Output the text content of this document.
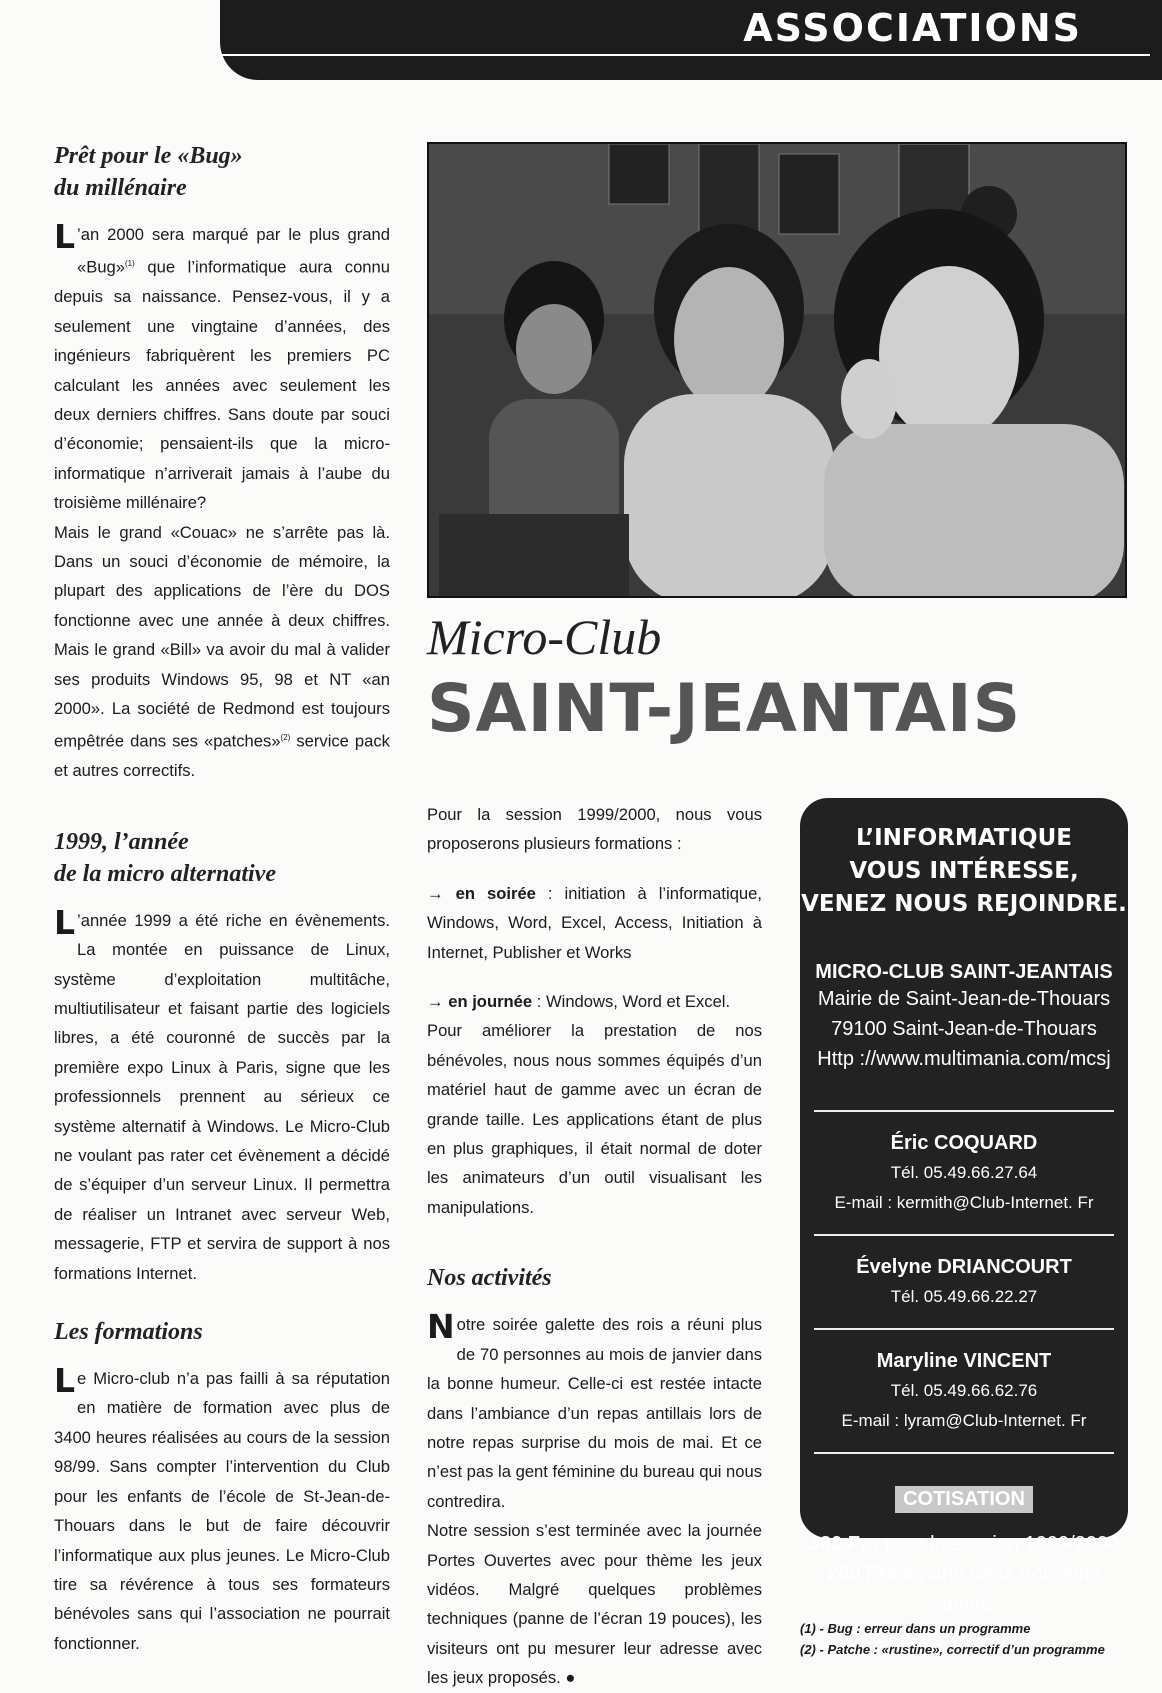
ASSOCIATIONS
Prêt pour le «Bug»
du millénaire

L ’an 2000 sera marqué par le plus grand «Bug»$^{(1)}$ que l’informatique aura connu depuis sa naissance. Pensez-vous, il y a seulement une vingtaine d’années, des ingénieurs fabriquèrent les premiers PC calculant les années avec seulement les deux derniers chiffres. Sans doute par souci d’économie; pensaient-ils que la micro-informatique n’arriverait jamais à l’aube du troisième millénaire?

Mais le grand «Couac» ne s’arrête pas là. Dans un souci d’économie de mémoire, la plupart des applications de l’ère du DOS fonctionne avec une année à deux chiffres. Mais le grand «Bill» va avoir du mal à valider ses produits Windows 95, 98 et NT «an 2000». La société de Redmond est toujours empêtrée dans ses «patches»$^{(2)}$ service pack et autres correctifs.

1999, l’année
de la micro alternative

L ’année 1999 a été riche en évènements. La montée en puissance de Linux, système d’exploitation multitâche, multiutilisateur et faisant partie des logiciels libres, a été couronné de succès par la première expo Linux à Paris, signe que les professionnels prennent au sérieux ce système alternatif à Windows. Le Micro-Club ne voulant pas rater cet évènement a décidé de s’équiper d’un serveur Linux. Il permettra de réaliser un Intranet avec serveur Web, messagerie, FTP et servira de support à nos formations Internet.

Les formations

Le Micro-club n’a pas failli à sa réputation en matière de formation avec plus de 3400 heures réalisées au cours de la session 98/99. Sans compter l’intervention du Club pour les enfants de l’école de St-Jean-de-Thouars dans le but de faire découvrir l’informatique aux plus jeunes. Le Micro-Club tire sa révérence à tous ses formateurs bénévoles sans qui l’association ne pourrait fonctionner.

Micro-Club
SAINT-JEANTAIS

Pour la session 1999/2000, nous vous proposerons plusieurs formations :

→ en soirée : initiation à l’informatique, Windows, Word, Excel, Access, Initiation à Internet, Publisher et Works

→ en journée : Windows, Word et Excel.

Pour améliorer la prestation de nos bénévoles, nous nous sommes équipés d’un matériel haut de gamme avec un écran de grande taille. Les applications étant de plus en plus graphiques, il était normal de doter les animateurs d’un outil visualisant les manipulations.

Nos activités

Notre soirée galette des rois a réuni plus de 70 personnes au mois de janvier dans la bonne humeur. Celle-ci est restée intacte dans l’ambiance d’un repas antillais lors de notre repas surprise du mois de mai. Et ce n’est pas la gent féminine du bureau qui nous contredira.

Notre session s’est terminée avec la journée Portes Ouvertes avec pour thème les jeux vidéos. Malgré quelques problèmes techniques (panne de l’écran 19 pouces), les visiteurs ont pu mesurer leur adresse avec les jeux proposés. ●

L’INFORMATIQUE
VOUS INTÉRESSE,
VENEZ NOUS REJOINDRE.
MICRO-CLUB SAINT-JEANTAIS
Mairie de Saint-Jean-de-Thouars
79100 Saint-Jean-de-Thouars
Http ://www.multimania.com/mcsj
Éric COQUARD
Tél. 05.49.66.27.64
E-mail : kermith@Club-Internet. Fr
Évelyne DRIANCOURT
Tél. 05.49.66.22.27
Maryline VINCENT
Tél. 05.49.66.62.76
E-mail : lyram@Club-Internet. Fr
COTISATION
330 Frs pour la session 1999/2000
280 Frs à partir de la troisième année
(1) - Bug : erreur dans un programme
(2) - Patche : «rustine», correctif d’un programme
